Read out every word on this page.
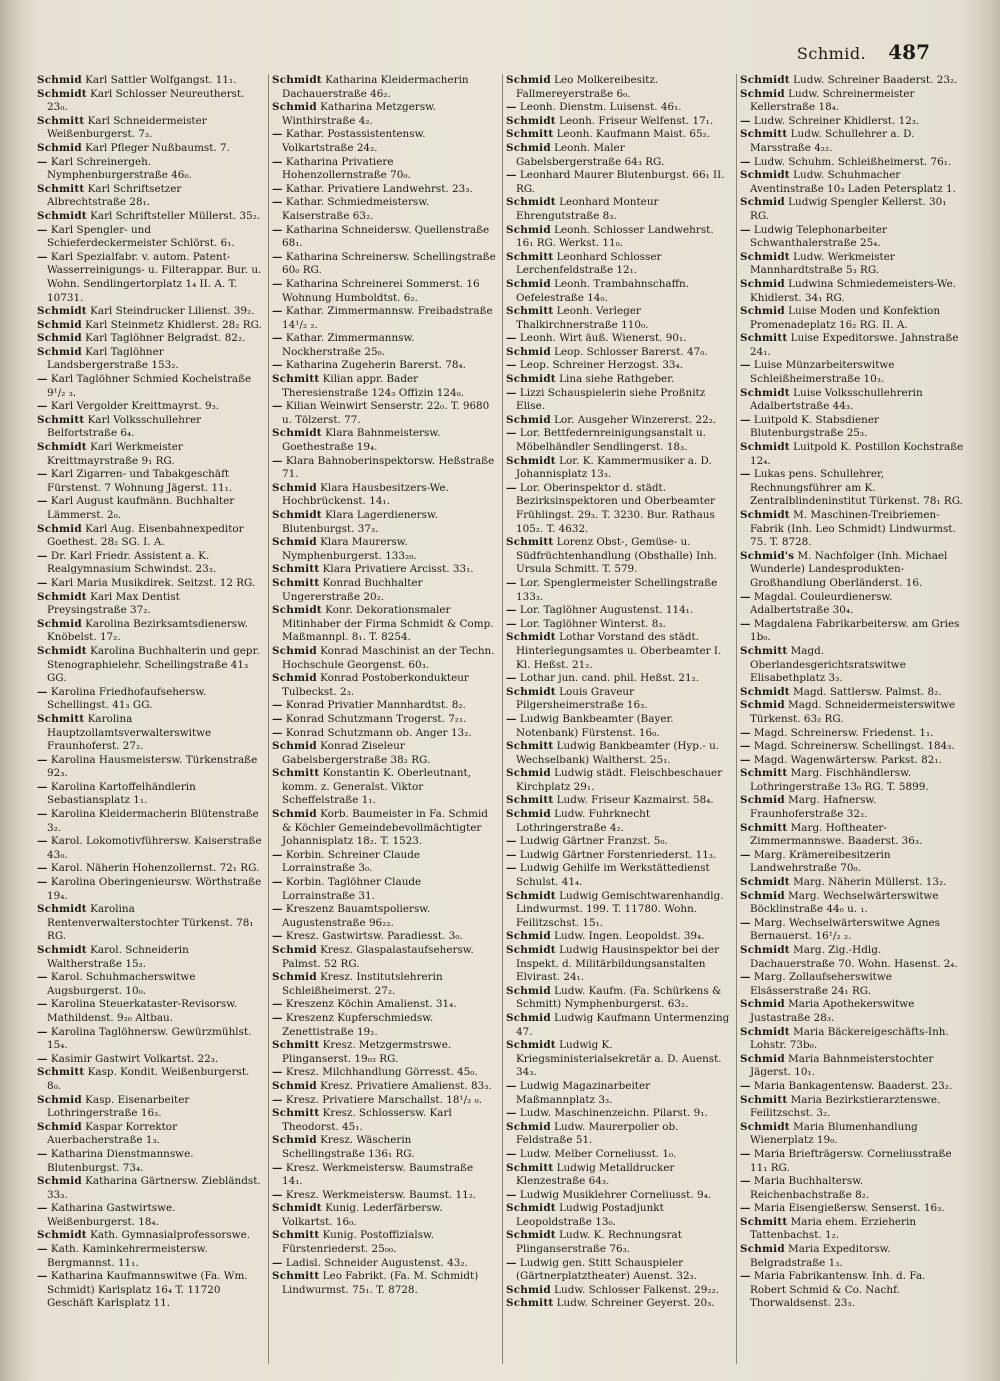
Schmid. 487
Schmid Karl Sattler Wolfgangst. 11₁.
Schmidt Karl Schlosser Neureutherst. 23₀.
Schmitt Karl Schneidermeister Weißenburgerst. 7₃.
Schmid Karl Pfleger Nußbaumst. 7.
— Karl Schreinergeh. Nymphenburgerstraße 46₀.
Schmitt Karl Schriftsetzer Albrechtstraße 28₁.
Schmidt Karl Schriftsteller Müllerst. 35₂.
— Karl Spengler- und Schieferdeckermeister Schlörst. 6₁.
— Karl Spezialfabr. v. autom. Patent-Wasserreinigungs- u. Filterappar. Bur. u. Wohn. Sendlingertorplatz 1₄ II. A. T. 10731.
Schmidt Karl Steindrucker Lilienst. 39₂.
Schmid Karl Steinmetz Khidlerst. 28₂ RG.
Schmid Karl Taglöhner Belgradst. 82₂.
Schmid Karl Taglöhner Landsbergerstraße 153₂.
— Karl Taglöhner Schmied Kochelstraße 9¹/₂ ₃.
— Karl Vergolder Kreittmayrst. 9₃.
Schmitt Karl Volksschullehrer Belfortstraße 6₄.
Schmidt Karl Werkmeister Kreittmayrstraße 9₁ RG.
— Karl Zigarren- und Tabakgeschäft Fürstenst. 7 Wohnung Jägerst. 11₁.
— Karl August kaufmänn. Buchhalter Lämmerst. 2₀.
Schmid Karl Aug. Eisenbahnexpeditor Goethest. 28₂ SG. I. A.
— Dr. Karl Friedr. Assistent a. K. Realgymnasium Schwindst. 23₃.
— Karl Maria Musikdirek. Seitzst. 12 RG.
Schmidt Karl Max Dentist Preysingstraße 37₂.
Schmid Karolina Bezirksamtsdienersw. Knöbelst. 17₂.
Schmidt Karolina Buchhalterin und gepr. Stenographielehr. Schellingstraße 41₃ GG.
— Karolina Friedhofaufsehersw. Schellingst. 41₃ GG.
Schmitt Karolina Hauptzollamtsverwalterswitwe Fraunhoferst. 27₂.
— Karolina Hausmeistersw. Türkenstraße 92₃.
— Karolina Kartoffelhändlerin Sebastiansplatz 1₁.
— Karolina Kleidermacherin Blütenstraße 3₂.
— Karol. Lokomotivführersw. Kaiserstraße 43₀.
— Karol. Näherin Hohenzollernst. 72₁ RG.
— Karolina Oberingenieursw. Wörthstraße 19₄.
Schmidt Karolina Rentenverwalterstochter Türkenst. 78₁ RG.
Schmidt Karol. Schneiderin Waltherstraße 15₃.
— Karol. Schuhmacherswitwe Augsburgerst. 10₀.
— Karolina Steuerkataster-Revisorsw. Mathildenst. 9₂₀ Altbau.
— Karolina Taglöhnersw. Gewürzmühlst. 15₄.
— Kasimir Gastwirt Volkartst. 22₃.
Schmitt Kasp. Kondit. Weißenburgerst. 8₀.
Schmid Kasp. Eisenarbeiter Lothringerstraße 16₃.
Schmid Kaspar Korrektor Auerbacherstraße 1₃.
— Katharina Dienstmannswe. Blutenburgst. 73₄.
Schmid Katharina Gärtnersw. Ziebländst. 33₃.
— Katharina Gastwirtswe. Weißenburgerst. 18₄.
Schmidt Kath. Gymnasialprofessorswe.
— Kath. Kaminkehrermeistersw. Bergmannst. 11₁.
— Katharina Kaufmannswitwe (Fa. Wm. Schmidt) Karlsplatz 16₄ T. 11720 Geschäft Karlsplatz 11.
Schmidt Katharina Kleidermacherin Dachauerstraße 46₂.
Schmid Katharina Metzgersw. Winthirstraße 4₂.
— Kathar. Postassistentensw. Volkartstraße 24₂.
— Katharina Privatiere Hohenzollernstraße 70₀.
— Kathar. Privatiere Landwehrst. 23₃.
— Kathar. Schmiedmeistersw. Kaiserstraße 63₂.
— Katharina Schneidersw. Quellenstraße 68₁.
— Katharina Schreinersw. Schellingstraße 60₀ RG.
— Katharina Schreinerei Sommerst. 16 Wohnung Humboldtst. 6₂.
— Kathar. Zimmermannsw. Freibadstraße 14¹/₂ ₂.
— Kathar. Zimmermannsw. Nockherstraße 25₀.
— Katharina Zugeherin Barerst. 78₄.
Schmitt Kilian appr. Bader Theresienstraße 124₃ Offizin 124₀.
— Kilian Weinwirt Senserstr. 22₀. T. 9680 u. Tölzerst. 77.
Schmidt Klara Bahnmeistersw. Goethestraße 19₄.
— Klara Bahnoberinspektorsw. Heßstraße 71.
Schmid Klara Hausbesitzers-We. Hochbrückenst. 14₁.
Schmidt Klara Lagerdienersw. Blutenburgst. 37₃.
Schmid Klara Maurersw. Nymphenburgerst. 133₂₀.
Schmitt Klara Privatiere Arcisst. 33₁.
Schmitt Konrad Buchhalter Ungererstraße 20₂.
Schmidt Konr. Dekorationsmaler Mitinhaber der Firma Schmidt & Comp. Maßmannpl. 8₁. T. 8254.
Schmid Konrad Maschinist an der Techn. Hochschule Georgenst. 60₃.
Schmid Konrad Postoberkondukteur Tulbeckst. 2₃.
— Konrad Privatier Mannhardtst. 8₂.
— Konrad Schutzmann Trogerst. 7₂₁.
— Konrad Schutzmann ob. Anger 13₂.
Schmid Konrad Ziseleur Gabelsbergerstraße 38₂ RG.
Schmitt Konstantin K. Oberleutnant, komm. z. Generalst. Viktor Scheffelstraße 1₁.
Schmid Korb. Baumeister in Fa. Schmid & Köchler Gemeindebevollmächtigter Johannisplatz 18₂. T. 1523.
— Korbin. Schreiner Claude Lorrainstraße 3₀.
— Korbin. Taglöhner Claude Lorrainstraße 31.
— Kreszenz Bauamtspoliersw. Augustenstraße 96₂₂.
— Kresz. Gastwirtsw. Paradiesst. 3₀.
Schmid Kresz. Glaspalastaufsehersw. Palmst. 52 RG.
Schmid Kresz. Institutslehrerin Schleißheimerst. 27₂.
— Kreszenz Köchin Amalienst. 31₄.
— Kreszenz Kupferschmiedsw. Zenettistraße 19₂.
Schmitt Kresz. Metzgermstrswe. Plinganserst. 19₀₂ RG.
— Kresz. Milchhandlung Görresst. 45₀.
Schmid Kresz. Privatiere Amalienst. 83₃.
— Kresz. Privatiere Marschallst. 18¹/₂ ₀.
Schmitt Kresz. Schlossersw. Karl Theodorst. 45₁.
Schmid Kresz. Wäscherin Schellingstraße 136₁ RG.
— Kresz. Werkmeistersw. Baumstraße 14₁.
— Kresz. Werkmeistersw. Baumst. 11₂.
Schmidt Kunig. Lederfärbersw. Volkartst. 16₀.
Schmitt Kunig. Postoffizialsw. Fürstenriederst. 25₀₀.
— Ladisl. Schneider Augustenst. 43₂.
Schmitt Leo Fabrikt. (Fa. M. Schmidt) Lindwurmst. 75₁. T. 8728.
Schmid Leo Molkereibesitz. Fallmereyerstraße 6₀.
— Leonh. Dienstm. Luisenst. 46₁.
Schmidt Leonh. Friseur Welfenst. 17₁.
Schmitt Leonh. Kaufmann Maist. 65₂.
Schmid Leonh. Maler Gabelsbergerstraße 64₃ RG.
— Leonhard Maurer Blutenburgst. 66₁ II. RG.
Schmidt Leonhard Monteur Ehrengutstraße 8₃.
Schmid Leonh. Schlosser Landwehrst. 16₁ RG. Werkst. 11₀.
Schmitt Leonhard Schlosser Lerchenfeldstraße 12₁.
Schmid Leonh. Trambahnschaffn. Oefelestraße 14₀.
Schmitt Leonh. Verleger Thalkirchnerstraße 110₀.
— Leonh. Wirt äuß. Wienerst. 90₁.
Schmid Leop. Schlosser Barerst. 47₀.
— Leop. Schreiner Herzogst. 33₄.
Schmidt Lina siehe Rathgeber.
— Lizzi Schauspielerin siehe Proßnitz Elise.
Schmid Lor. Ausgeher Winzererst. 22₂.
— Lor. Bettfedernreinigungsanstalt u. Möbelhändler Sendlingerst. 18₃.
Schmidt Lor. K. Kammermusiker a. D. Johannisplatz 13₃.
— Lor. Oberinspektor d. städt. Bezirksinspektoren und Oberbeamter Frühlingst. 29₃. T. 3230. Bur. Rathaus 105₂. T. 4632.
Schmitt Lorenz Obst-, Gemüse- u. Südfrüchtenhandlung (Obsthalle) Inh. Ursula Schmitt. T. 579.
— Lor. Spenglermeister Schellingstraße 133₃.
— Lor. Taglöhner Augustenst. 114₁.
— Lor. Taglöhner Winterst. 8₃.
Schmidt Lothar Vorstand des städt. Hinterlegungsamtes u. Oberbeamter I. Kl. Heßst. 21₂.
— Lothar jun. cand. phil. Heßst. 21₂.
Schmidt Louis Graveur Pilgersheimerstraße 16₃.
— Ludwig Bankbeamter (Bayer. Notenbank) Fürstenst. 16₀.
Schmitt Ludwig Bankbeamter (Hyp.- u. Wechselbank) Waltherst. 25₁.
Schmid Ludwig städt. Fleischbeschauer Kirchplatz 29₁.
Schmitt Ludw. Friseur Kazmairst. 58₄.
Schmid Ludw. Fuhrknecht Lothringerstraße 4₂.
— Ludwig Gärtner Franzst. 5₀.
— Ludwig Gärtner Forstenriederst. 11₃.
— Ludwig Gehilfe im Werkstättedienst Schulst. 41₄.
Schmidt Ludwig Gemischtwarenhandlg. Lindwurmst. 199. T. 11780. Wohn. Feilitzschst. 15₁.
Schmid Ludw. Ingen. Leopoldst. 39₄.
Schmidt Ludwig Hausinspektor bei der Inspekt. d. Militärbildungsanstalten Elvirast. 24₁.
Schmid Ludw. Kaufm. (Fa. Schürkens & Schmitt) Nymphenburgerst. 63₂.
Schmid Ludwig Kaufmann Untermenzing 47.
Schmidt Ludwig K. Kriegsministerialsekretär a. D. Auenst. 34₃.
— Ludwig Magazinarbeiter Maßmannplatz 3₃.
— Ludw. Maschinenzeichn. Pilarst. 9₁.
Schmid Ludw. Maurerpolier ob. Feldstraße 51.
— Ludw. Melber Corneliusst. 1₀.
Schmitt Ludwig Metalldrucker Klenzestraße 64₃.
— Ludwig Musiklehrer Corneliusst. 9₄.
Schmidt Ludwig Postadjunkt Leopoldstraße 13₀.
Schmidt Ludw. K. Rechnungsrat Plinganserstraße 76₃.
— Ludwig gen. Stitt Schauspieler (Gärtnerplatztheater) Auenst. 32₃.
Schmid Ludw. Schlosser Falkenst. 29₂₂.
Schmitt Ludw. Schreiner Geyerst. 20₃.
Schmidt Ludw. Schreiner Baaderst. 23₂.
Schmid Ludw. Schreinermeister Kellerstraße 18₄.
— Ludw. Schreiner Khidlerst. 12₃.
Schmitt Ludw. Schullehrer a. D. Marsstraße 4₂₂.
— Ludw. Schuhm. Schleißheimerst. 76₁.
Schmidt Ludw. Schuhmacher Aventinstraße 10₃ Laden Petersplatz 1.
Schmid Ludwig Spengler Kellerst. 30₁ RG.
— Ludwig Telephonarbeiter Schwanthalerstraße 25₄.
Schmidt Ludw. Werkmeister Mannhardtstraße 5₃ RG.
Schmid Ludwina Schmiedemeisters-We. Khidlerst. 34₁ RG.
Schmid Luise Moden und Konfektion Promenadeplatz 16₂ RG. II. A.
Schmitt Luise Expeditorswe. Jahnstraße 24₁.
— Luise Münzarbeiterswitwe Schleißheimerstraße 10₃.
Schmidt Luise Volksschullehrerin Adalbertstraße 44₃.
— Luitpold K. Stabsdiener Blutenburgstraße 25₃.
Schmidt Luitpold K. Postillon Kochstraße 12₄.
— Lukas pens. Schullehrer, Rechnungsführer am K. Zentralblindeninstitut Türkenst. 78₁ RG.
Schmidt M. Maschinen-Treibriemen-Fabrik (Inh. Leo Schmidt) Lindwurmst. 75. T. 8728.
Schmid's M. Nachfolger (Inh. Michael Wunderle) Landesprodukten-Großhandlung Oberländerst. 16.
— Magdal. Couleurdienersw. Adalbertstraße 30₄.
— Magdalena Fabrikarbeitersw. am Gries 1b₀.
Schmitt Magd. Oberlandesgerichtsratswitwe Elisabethplatz 3₃.
Schmidt Magd. Sattlersw. Palmst. 8₂.
Schmid Magd. Schneidermeisterswitwe Türkenst. 63₂ RG.
— Magd. Schreinersw. Friedenst. 1₁.
— Magd. Schreinersw. Schellingst. 184₃.
— Magd. Wagenwärtersw. Parkst. 82₁.
Schmitt Marg. Fischhändlersw. Lothringerstraße 13₀ RG. T. 5899.
Schmid Marg. Hafnersw. Fraunhoferstraße 32₂.
Schmitt Marg. Hoftheater-Zimmermannswe. Baaderst. 36₃.
— Marg. Krämereibesitzerin Landwehrstraße 70₀.
Schmidt Marg. Näherin Müllerst. 13₂.
Schmid Marg. Wechselwärterswitwe Böcklinstraße 44₀ u. ₁.
— Marg. Wechselwärterswitwe Agnes Bernauerst. 16¹/₂ ₂.
Schmidt Marg. Zig.-Hdlg. Dachauerstraße 70. Wohn. Hasenst. 2₄.
— Marg. Zollaufseherswitwe Elsässerstraße 24₁ RG.
Schmid Maria Apothekerswitwe Justastraße 28₃.
Schmidt Maria Bäckereigeschäfts-Inh. Lohstr. 73b₀.
Schmid Maria Bahnmeisterstochter Jägerst. 10₁.
— Maria Bankagentensw. Baaderst. 23₂.
Schmitt Maria Bezirkstierarztenswe. Feilitzschst. 3₂.
Schmidt Maria Blumenhandlung Wienerplatz 19₀.
— Maria Briefträgersw. Corneliusstraße 11₁ RG.
— Maria Buchhaltersw. Reichenbachstraße 8₂.
— Maria Eisengießersw. Senserst. 16₃.
Schmitt Maria ehem. Erzieherin Tattenbachst. 1₂.
Schmid Maria Expeditorsw. Belgradstraße 1₃.
— Maria Fabrikantensw. Inh. d. Fa. Robert Schmid & Co. Nachf. Thorwaldsenst. 23₃.
